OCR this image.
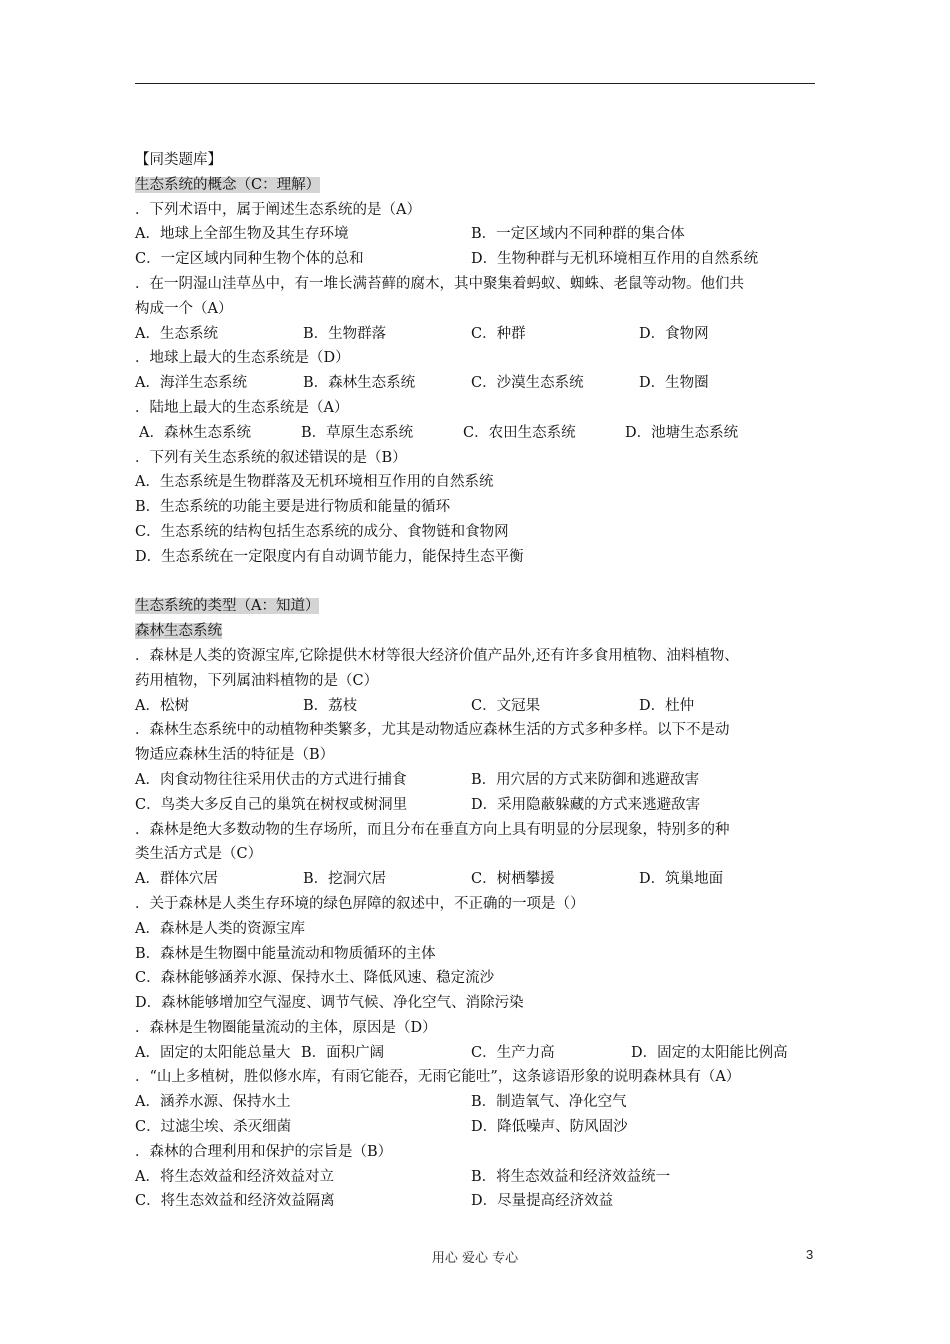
【同类题库】
生态系统的概念（C：理解）
．下列术语中，属于阐述生态系统的是（A）
A．地球上全部生物及其生存环境	B．一定区域内不同种群的集合体
C．一定区域内同种生物个体的总和	D．生物种群与无机环境相互作用的自然系统
．在一阴湿山洼草丛中，有一堆长满苔藓的腐木，其中聚集着蚂蚁、蜘蛛、老鼠等动物。他们共
构成一个（A）
A．生态系统	B．生物群落	C．种群	D．食物网
．地球上最大的生态系统是（D）
A．海洋生态系统	B．森林生态系统	C．沙漠生态系统	D．生物圈
．陆地上最大的生态系统是（A）
A．森林生态系统	B．草原生态系统	C．农田生态系统	D．池塘生态系统
．下列有关生态系统的叙述错误的是（B）
A．生态系统是生物群落及无机环境相互作用的自然系统
B．生态系统的功能主要是进行物质和能量的循环
C．生态系统的结构包括生态系统的成分、食物链和食物网
D．生态系统在一定限度内有自动调节能力，能保持生态平衡
生态系统的类型（A：知道）
森林生态系统
．森林是人类的资源宝库,它除提供木材等很大经济价值产品外,还有许多食用植物、油料植物、
药用植物，下列属油料植物的是（C）
A．松树	B．荔枝	C．文冠果	D．杜仲
．森林生态系统中的动植物种类繁多，尤其是动物适应森林生活的方式多种多样。以下不是动
物适应森林生活的特征是（B）
A．肉食动物往往采用伏击的方式进行捕食	B．用穴居的方式来防御和逃避敌害
C．鸟类大多反自己的巢筑在树杈或树洞里	D．采用隐蔽躲藏的方式来逃避敌害
．森林是绝大多数动物的生存场所，而且分布在垂直方向上具有明显的分层现象，特别多的种
类生活方式是（C）
A．群体穴居	B．挖洞穴居	C．树栖攀援	D．筑巢地面
．关于森林是人类生存环境的绿色屏障的叙述中，不正确的一项是（）
A．森林是人类的资源宝库
B．森林是生物圈中能量流动和物质循环的主体
C．森林能够涵养水源、保持水土、降低风速、稳定流沙
D．森林能够增加空气湿度、调节气候、净化空气、消除污染
．森林是生物圈能量流动的主体，原因是（D）
A．固定的太阳能总量大 B．面积广阔	C．生产力高	D．固定的太阳能比例高
．“山上多植树，胜似修水库，有雨它能吞，无雨它能吐”，这条谚语形象的说明森林具有（A）
A．涵养水源、保持水土	B．制造氧气、净化空气
C．过滤尘埃、杀灭细菌	D．降低噪声、防风固沙
．森林的合理利用和保护的宗旨是（B）
A．将生态效益和经济效益对立	B．将生态效益和经济效益统一
C．将生态效益和经济效益隔离	D．尽量提高经济效益
用心 爱心 专心	3
